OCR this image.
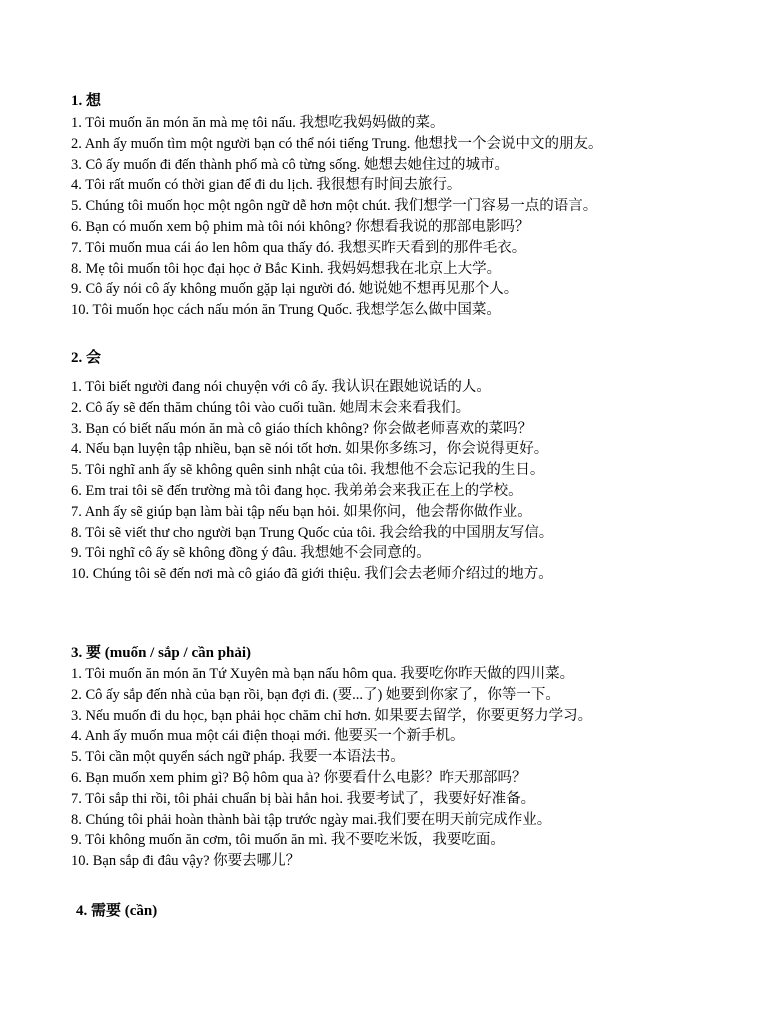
1. 想
1. Tôi muốn ăn món ăn mà mẹ tôi nấu. 我想吃我妈妈做的菜。
2. Anh ấy muốn tìm một người bạn có thể nói tiếng Trung. 他想找一个会说中文的朋友。
3. Cô ấy muốn đi đến thành phố mà cô từng sống. 她想去她住过的城市。
4. Tôi rất muốn có thời gian để đi du lịch. 我很想有时间去旅行。
5. Chúng tôi muốn học một ngôn ngữ dễ hơn một chút. 我们想学一门容易一点的语言。
6. Bạn có muốn xem bộ phim mà tôi nói không? 你想看我说的那部电影吗？
7. Tôi muốn mua cái áo len hôm qua thấy đó. 我想买昨天看到的那件毛衣。
8. Mẹ tôi muốn tôi học đại học ở Bắc Kinh. 我妈妈想我在北京上大学。
9. Cô ấy nói cô ấy không muốn gặp lại người đó. 她说她不想再见那个人。
10. Tôi muốn học cách nấu món ăn Trung Quốc. 我想学怎么做中国菜。
2. 会
1. Tôi biết người đang nói chuyện với cô ấy. 我认识在跟她说话的人。
2. Cô ấy sẽ đến thăm chúng tôi vào cuối tuần. 她周末会来看我们。
3. Bạn có biết nấu món ăn mà cô giáo thích không? 你会做老师喜欢的菜吗？
4. Nếu bạn luyện tập nhiều, bạn sẽ nói tốt hơn. 如果你多练习，你会说得更好。
5. Tôi nghĩ anh ấy sẽ không quên sinh nhật của tôi. 我想他不会忘记我的生日。
6. Em trai tôi sẽ đến trường mà tôi đang học. 我弟弟会来我正在上的学校。
7. Anh ấy sẽ giúp bạn làm bài tập nếu bạn hỏi. 如果你问，他会帮你做作业。
8. Tôi sẽ viết thư cho người bạn Trung Quốc của tôi. 我会给我的中国朋友写信。
9. Tôi nghĩ cô ấy sẽ không đồng ý đâu. 我想她不会同意的。
10. Chúng tôi sẽ đến nơi mà cô giáo đã giới thiệu. 我们会去老师介绍过的地方。
3. 要 (muốn / sắp / cần phải)
1. Tôi muốn ăn món ăn Tứ Xuyên mà bạn nấu hôm qua. 我要吃你昨天做的四川菜。
2. Cô ấy sắp đến nhà của bạn rồi, bạn đợi đi. (要...了) 她要到你家了，你等一下。
3. Nếu muốn đi du học, bạn phải học chăm chỉ hơn. 如果要去留学，你要更努力学习。
4. Anh ấy muốn mua một cái điện thoại mới. 他要买一个新手机。
5. Tôi cần một quyển sách ngữ pháp. 我要一本语法书。
6. Bạn muốn xem phim gì? Bộ hôm qua à? 你要看什么电影？昨天那部吗？
7. Tôi sắp thi rồi, tôi phải chuẩn bị bài hẳn hoi. 我要考试了，我要好好准备。
8. Chúng tôi phải hoàn thành bài tập trước ngày mai.我们要在明天前完成作业。
9. Tôi không muốn ăn cơm, tôi muốn ăn mì. 我不要吃米饭，我要吃面。
10. Bạn sắp đi đâu vậy? 你要去哪儿？
4. 需要 (cần)
